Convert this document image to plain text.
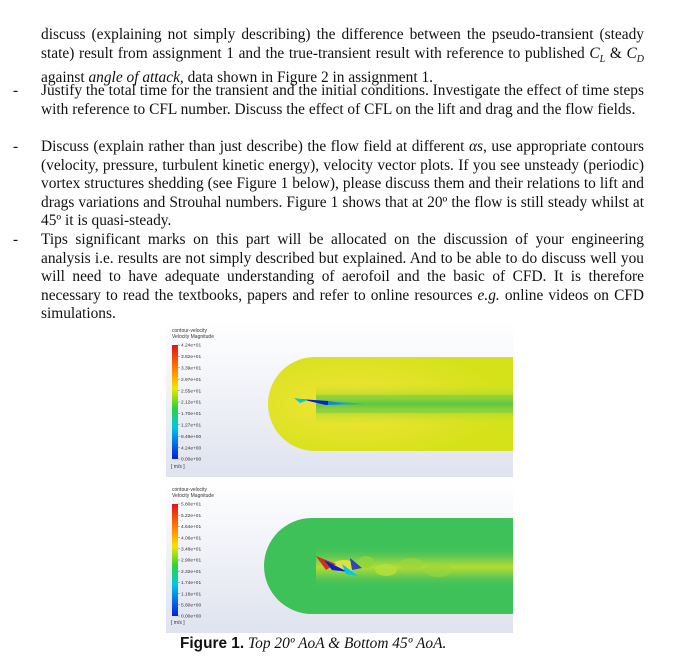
discuss (explaining not simply describing) the difference between the pseudo-transient (steady state) result from assignment 1 and the true-transient result with reference to published $C_L$ & $C_D$ against angle of attack, data shown in Figure 2 in assignment 1.

- Justify the total time for the transient and the initial conditions. Investigate the effect of time steps with reference to CFL number. Discuss the effect of CFL on the lift and drag and the flow fields.

- Discuss (explain rather than just describe) the flow field at different αs, use appropriate contours (velocity, pressure, turbulent kinetic energy), velocity vector plots. If you see unsteady (periodic) vortex structures shedding (see Figure 1 below), please discuss them and their relations to lift and drags variations and Strouhal numbers. Figure 1 shows that at 20º the flow is still steady whilst at 45º it is quasi-steady.

- Tips significant marks on this part will be allocated on the discussion of your engineering analysis i.e. results are not simply described but explained. And to be able to do discuss well you will need to have adequate understanding of aerofoil and the basic of CFD. It is therefore necessary to read the textbooks, papers and refer to online resources e.g. online videos on CFD simulations.

contour-velocity
Velocity Magnitude
4.24e+01
3.82e+01
3.39e+01
2.97e+01
2.55e+01
2.12e+01
1.70e+01
1.27e+01
8.49e+00
4.24e+00
0.00e+00
[ m/s ]
contour-velocity
Velocity Magnitude
5.80e+01
5.22e+01
4.64e+01
4.06e+01
3.48e+01
2.90e+01
2.32e+01
1.74e+01
1.16e+01
5.80e+00
0.00e+00
[ m/s ]
Figure 1. Top 20º AoA & Bottom 45º AoA.
